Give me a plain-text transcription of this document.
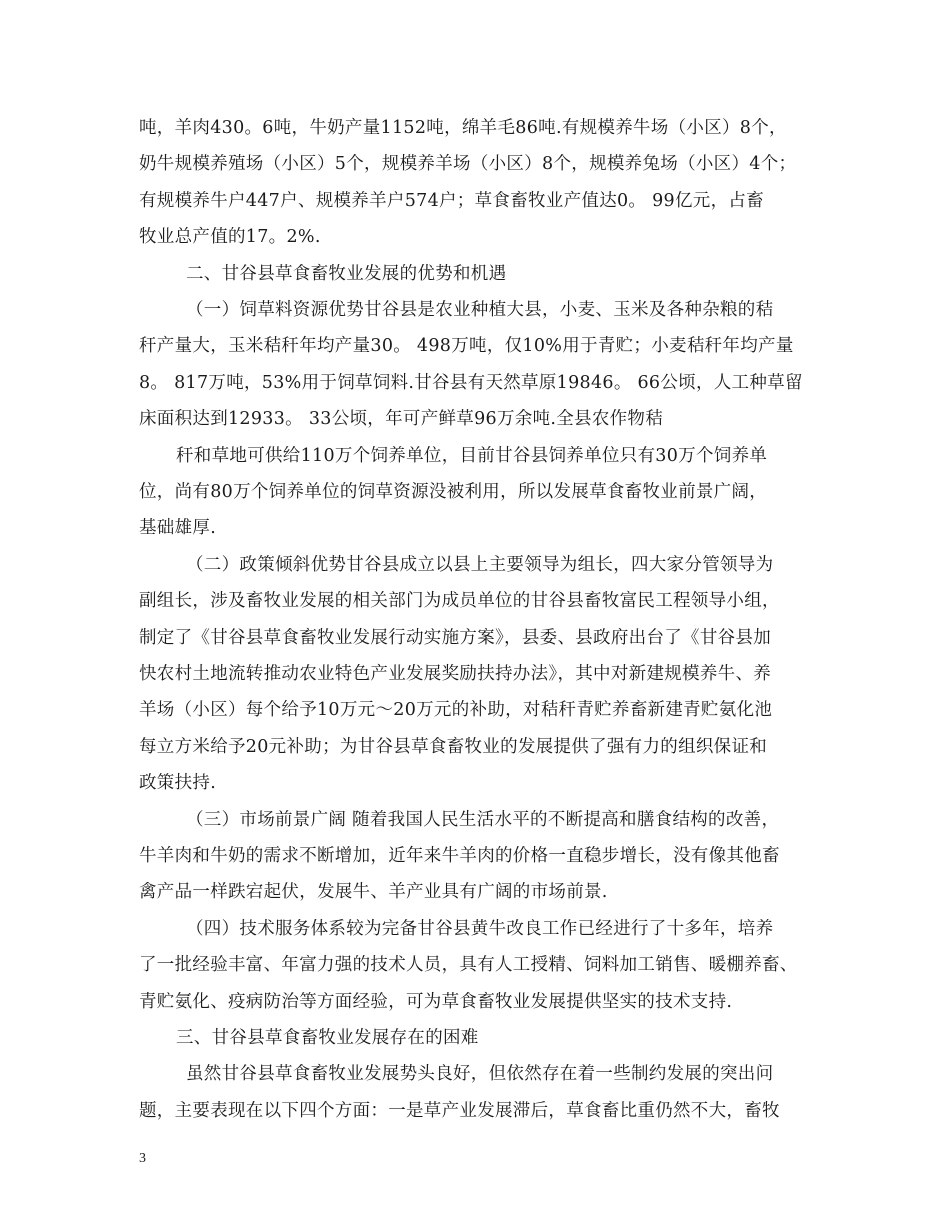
吨，羊肉430。6吨，牛奶产量1152吨，绵羊毛86吨.有规模养牛场（小区）8个，
奶牛规模养殖场（小区）5个，规模养羊场（小区）8个，规模养兔场（小区）4个；
有规模养牛户447户、规模养羊户574户；草食畜牧业产值达0。 99亿元，占畜
牧业总产值的17。2%.
二、甘谷县草食畜牧业发展的优势和机遇
（一）饲草料资源优势甘谷县是农业种植大县，小麦、玉米及各种杂粮的秸
秆产量大，玉米秸秆年均产量30。 498万吨，仅10%用于青贮；小麦秸秆年均产量
8。 817万吨，53%用于饲草饲料.甘谷县有天然草原19846。 66公顷，人工种草留
床面积达到12933。 33公顷，年可产鲜草96万余吨.全县农作物秸
秆和草地可供给110万个饲养单位，目前甘谷县饲养单位只有30万个饲养单
位，尚有80万个饲养单位的饲草资源没被利用，所以发展草食畜牧业前景广阔，
基础雄厚.
（二）政策倾斜优势甘谷县成立以县上主要领导为组长，四大家分管领导为
副组长，涉及畜牧业发展的相关部门为成员单位的甘谷县畜牧富民工程领导小组，
制定了《甘谷县草食畜牧业发展行动实施方案》，县委、县政府出台了《甘谷县加
快农村土地流转推动农业特色产业发展奖励扶持办法》，其中对新建规模养牛、养
羊场（小区）每个给予10万元～20万元的补助，对秸秆青贮养畜新建青贮氨化池
每立方米给予20元补助；为甘谷县草食畜牧业的发展提供了强有力的组织保证和
政策扶持.
（三）市场前景广阔 随着我国人民生活水平的不断提高和膳食结构的改善，
牛羊肉和牛奶的需求不断增加，近年来牛羊肉的价格一直稳步增长，没有像其他畜
禽产品一样跌宕起伏，发展牛、羊产业具有广阔的市场前景.
（四）技术服务体系较为完备甘谷县黄牛改良工作已经进行了十多年，培养
了一批经验丰富、年富力强的技术人员，具有人工授精、饲料加工销售、暖棚养畜、
青贮氨化、疫病防治等方面经验，可为草食畜牧业发展提供坚实的技术支持.
三、甘谷县草食畜牧业发展存在的困难
虽然甘谷县草食畜牧业发展势头良好，但依然存在着一些制约发展的突出问
题，主要表现在以下四个方面：一是草产业发展滞后，草食畜比重仍然不大，畜牧
3
